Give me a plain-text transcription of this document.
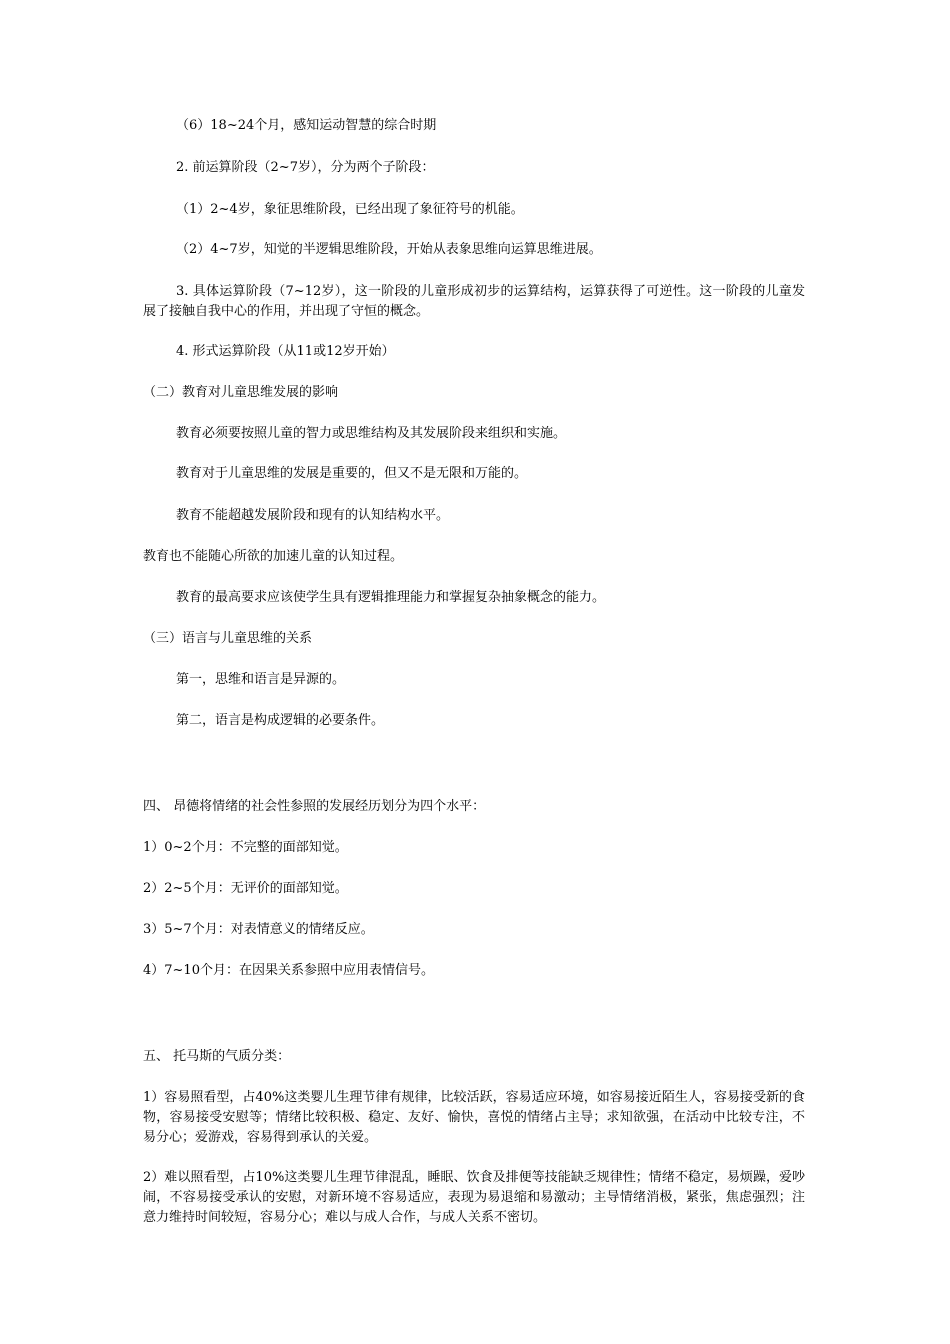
（6）18~24个月，感知运动智慧的综合时期
2. 前运算阶段（2~7岁），分为两个子阶段：
（1）2~4岁，象征思维阶段，已经出现了象征符号的机能。
（2）4~7岁，知觉的半逻辑思维阶段，开始从表象思维向运算思维进展。
3. 具体运算阶段（7~12岁），这一阶段的儿童形成初步的运算结构，运算获得了可逆性。这一阶段的儿童发展了接触自我中心的作用，并出现了守恒的概念。
4. 形式运算阶段（从11或12岁开始）
（二）教育对儿童思维发展的影响
教育必须要按照儿童的智力或思维结构及其发展阶段来组织和实施。
教育对于儿童思维的发展是重要的，但又不是无限和万能的。
教育不能超越发展阶段和现有的认知结构水平。
教育也不能随心所欲的加速儿童的认知过程。
教育的最高要求应该使学生具有逻辑推理能力和掌握复杂抽象概念的能力。
（三）语言与儿童思维的关系
第一，思维和语言是异源的。
第二，语言是构成逻辑的必要条件。
四、 昂德将情绪的社会性参照的发展经历划分为四个水平：
1）0~2个月：不完整的面部知觉。
2）2~5个月：无评价的面部知觉。
3）5~7个月：对表情意义的情绪反应。
4）7~10个月：在因果关系参照中应用表情信号。
五、 托马斯的气质分类：
1）容易照看型，占40%这类婴儿生理节律有规律，比较活跃，容易适应环境，如容易接近陌生人，容易接受新的食物，容易接受安慰等；情绪比较积极、稳定、友好、愉快，喜悦的情绪占主导；求知欲强，在活动中比较专注，不易分心；爱游戏，容易得到承认的关爱。
2）难以照看型，占10%这类婴儿生理节律混乱，睡眠、饮食及排便等技能缺乏规律性；情绪不稳定，易烦躁，爱吵闹，不容易接受承认的安慰，对新环境不容易适应，表现为易退缩和易激动；主导情绪消极，紧张，焦虑强烈；注意力维持时间较短，容易分心；难以与成人合作，与成人关系不密切。
